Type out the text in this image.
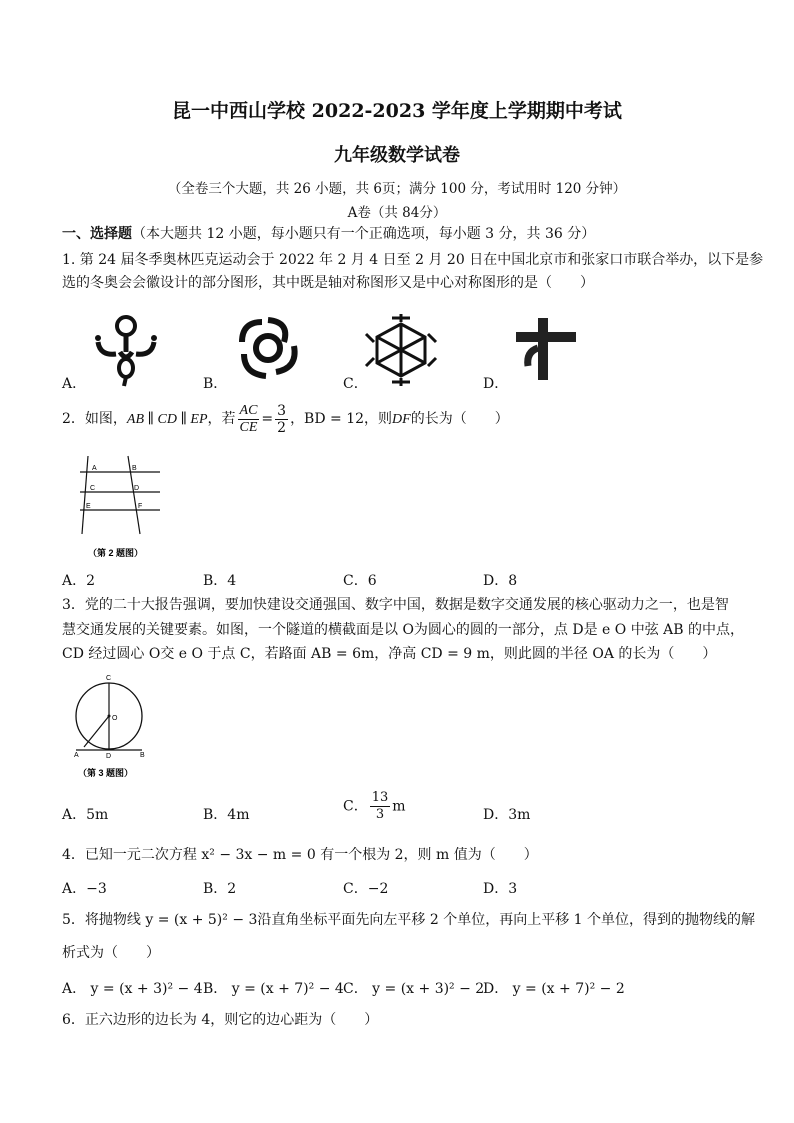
昆一中西山学校 2022-2023 学年度上学期期中考试
九年级数学试卷
（全卷三个大题，共 26 小题，共 6页；满分 100 分，考试用时 120 分钟）
A卷（共 84分）
一、选择题（本大题共 12 小题，每小题只有一个正确选项，每小题 3 分，共 36 分）
1. 第 24 届冬季奥林匹克运动会于 2022 年 2 月 4 日至 2 月 20 日在中国北京市和张家口市联合举办，以下是参
选的冬奥会会徽设计的部分图形，其中既是轴对称图形又是中心对称图形的是（　　）
A．	B．	C．	D．
2．如图，AB ∥ CD ∥ EP，若 $\frac{AC}{CE} = \frac{3}{2}$ ，BD = 12，则DF的长为（　　）
A	B
C	D
E	F
（第 2 题图）
A．2	B．4	C．6	D．8
3．党的二十大报告强调，要加快建设交通强国、数字中国，数据是数字交通发展的核心驱动力之一，也是智
慧交通发展的关键要素。如图，一个隧道的横截面是以 O为圆心的圆的一部分，点 D是 e O 中弦 AB 的中点，
CD 经过圆心 O交 e O 于点 C，若路面 AB = 6m，净高 CD = 9 m，则此圆的半径 OA 的长为（　　）
C
O
A	D	B
（第 3 题图）
A．5m	B．4m
C． $\frac{13}{3}$ m
D．3m
4．已知一元二次方程 x² − 3x − m = 0 有一个根为 2，则 m 值为（　　）
A．−3	B．2	C．−2	D．3
5．将抛物线 y = (x + 5)² − 3沿直角坐标平面先向左平移 2 个单位，再向上平移 1 个单位，得到的抛物线的解
析式为（　　）
A． y = (x + 3)² − 4 B． y = (x + 7)² − 4 C． y = (x + 3)² − 2
D． y = (x + 7)² − 2
6．正六边形的边长为 4，则它的边心距为（　　）
